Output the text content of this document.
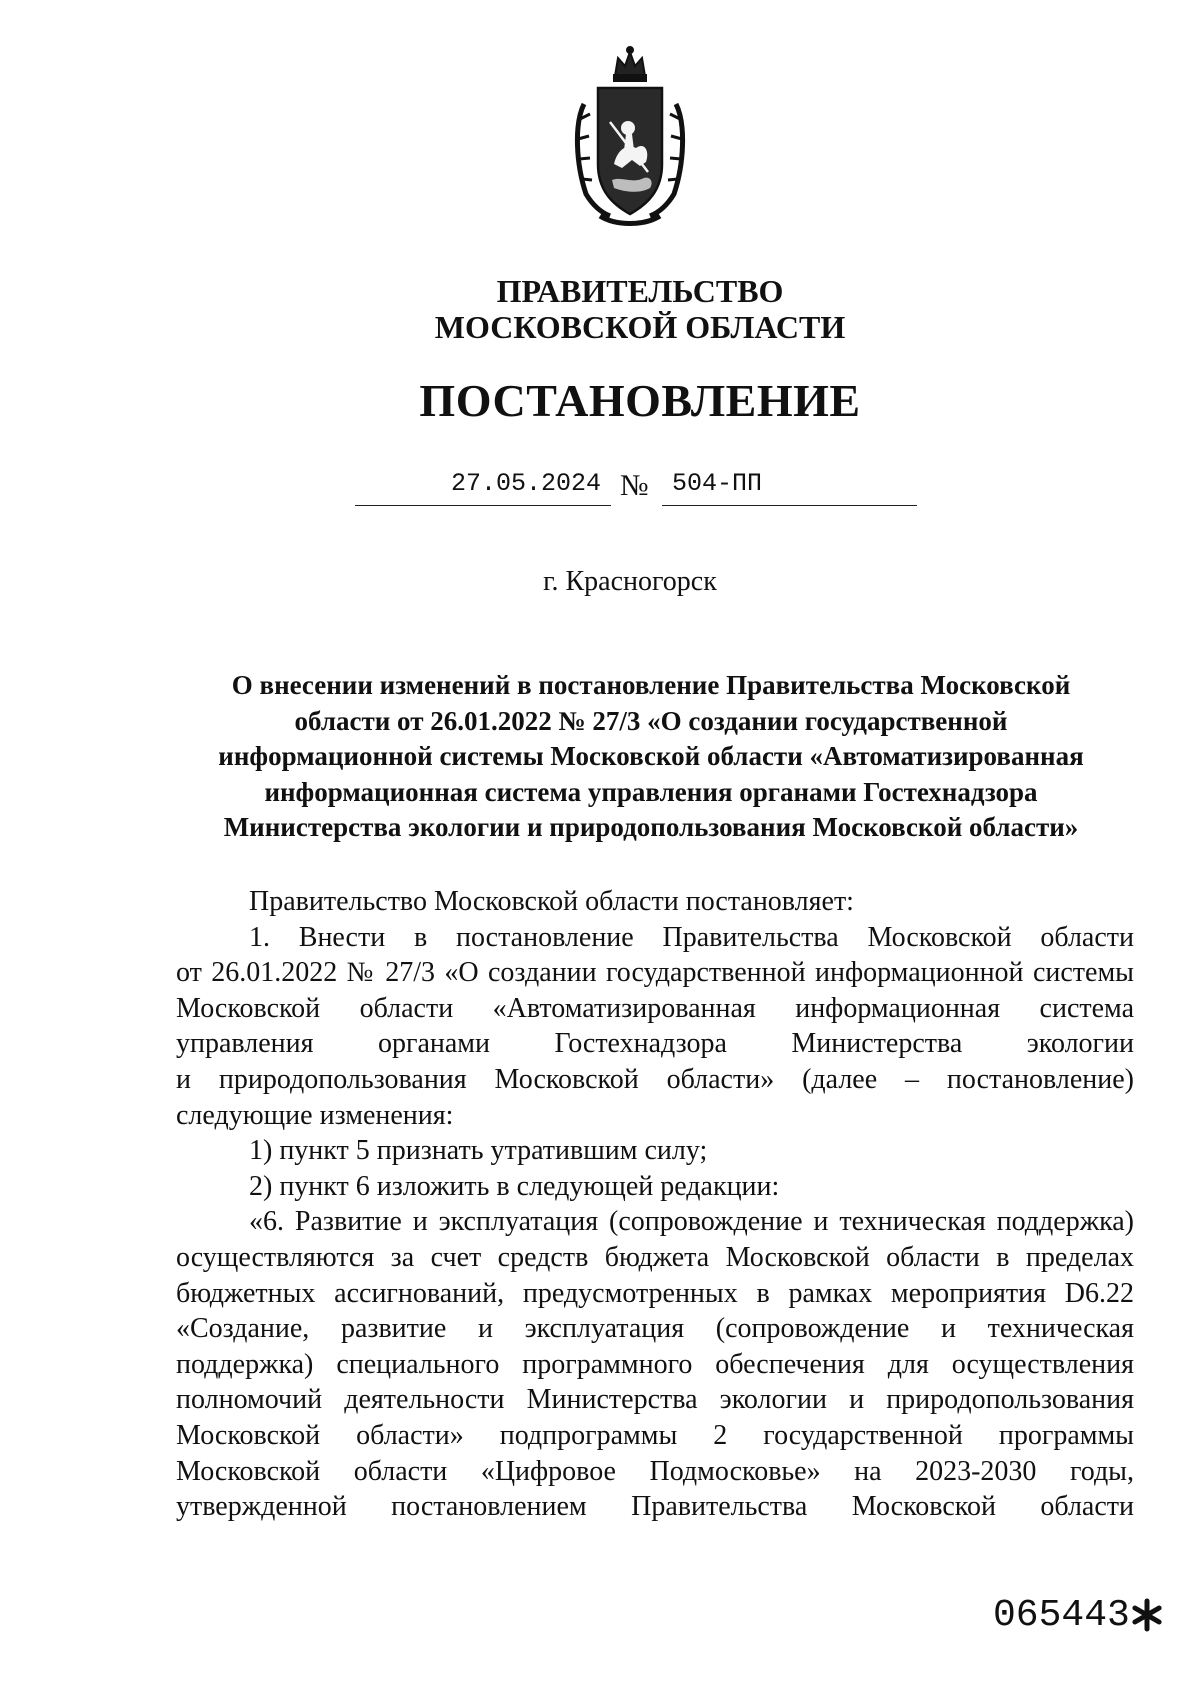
ПРАВИТЕЛЬСТВО
МОСКОВСКОЙ ОБЛАСТИ
ПОСТАНОВЛЕНИЕ
27.05.2024 № 504-ПП
г. Красногорск
О внесении изменений в постановление Правительства Московской
области от 26.01.2022 № 27/3 «О создании государственной
информационной системы Московской области «Автоматизированная
информационная система управления органами Гостехнадзора
Министерства экологии и природопользования Московской области»
Правительство Московской области постановляет:
1. Внести в постановление Правительства Московской области
от 26.01.2022 № 27/3 «О создании государственной информационной системы
Московской области «Автоматизированная информационная система
управления органами Гостехнадзора Министерства экологии
и природопользования Московской области» (далее – постановление)
следующие изменения:
1) пункт 5 признать утратившим силу;
2) пункт 6 изложить в следующей редакции:
«6. Развитие и эксплуатация (сопровождение и техническая поддержка)
осуществляются за счет средств бюджета Московской области в пределах
бюджетных ассигнований, предусмотренных в рамках мероприятия D6.22
«Создание, развитие и эксплуатация (сопровождение и техническая
поддержка) специального программного обеспечения для осуществления
полномочий деятельности Министерства экологии и природопользования
Московской области» подпрограммы 2 государственной программы
Московской области «Цифровое Подмосковье» на 2023-2030 годы,
утвержденной постановлением Правительства Московской области
065443
